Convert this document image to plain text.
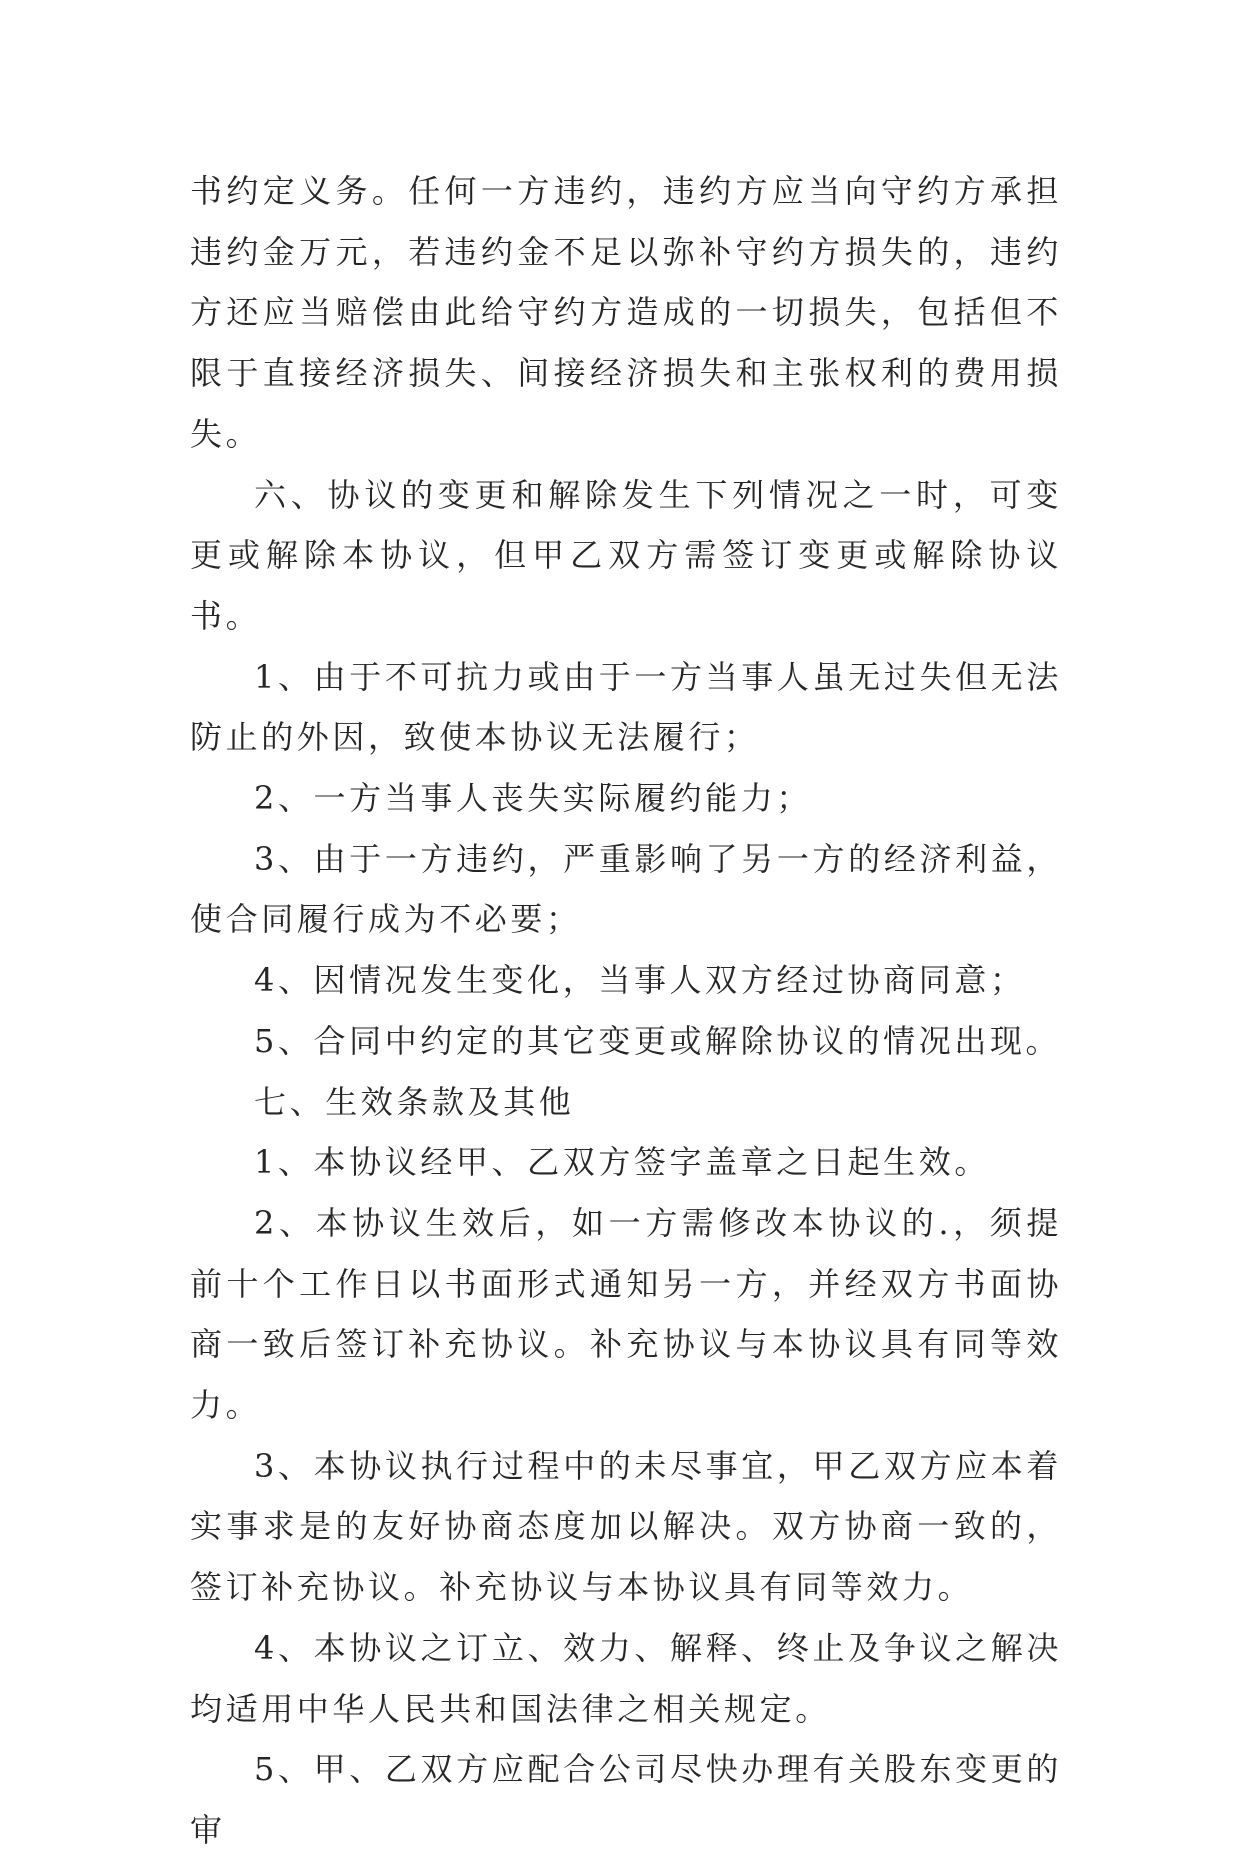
书约定义务。任何一方违约，违约方应当向守约方承担违约金万元，若违约金不足以弥补守约方损失的，违约方还应当赔偿由此给守约方造成的一切损失，包括但不限于直接经济损失、间接经济损失和主张权利的费用损失。

六、协议的变更和解除发生下列情况之一时，可变更或解除本协议，但甲乙双方需签订变更或解除协议书。

1、由于不可抗力或由于一方当事人虽无过失但无法防止的外因，致使本协议无法履行；

2、一方当事人丧失实际履约能力；

3、由于一方违约，严重影响了另一方的经济利益，使合同履行成为不必要；

4、因情况发生变化，当事人双方经过协商同意；

5、合同中约定的其它变更或解除协议的情况出现。

七、生效条款及其他

1、本协议经甲、乙双方签字盖章之日起生效。

2、本协议生效后，如一方需修改本协议的.，须提前十个工作日以书面形式通知另一方，并经双方书面协商一致后签订补充协议。补充协议与本协议具有同等效力。

3、本协议执行过程中的未尽事宜，甲乙双方应本着实事求是的友好协商态度加以解决。双方协商一致的，签订补充协议。补充协议与本协议具有同等效力。

4、本协议之订立、效力、解释、终止及争议之解决均适用中华人民共和国法律之相关规定。

5、甲、乙双方应配合公司尽快办理有关股东变更的审
